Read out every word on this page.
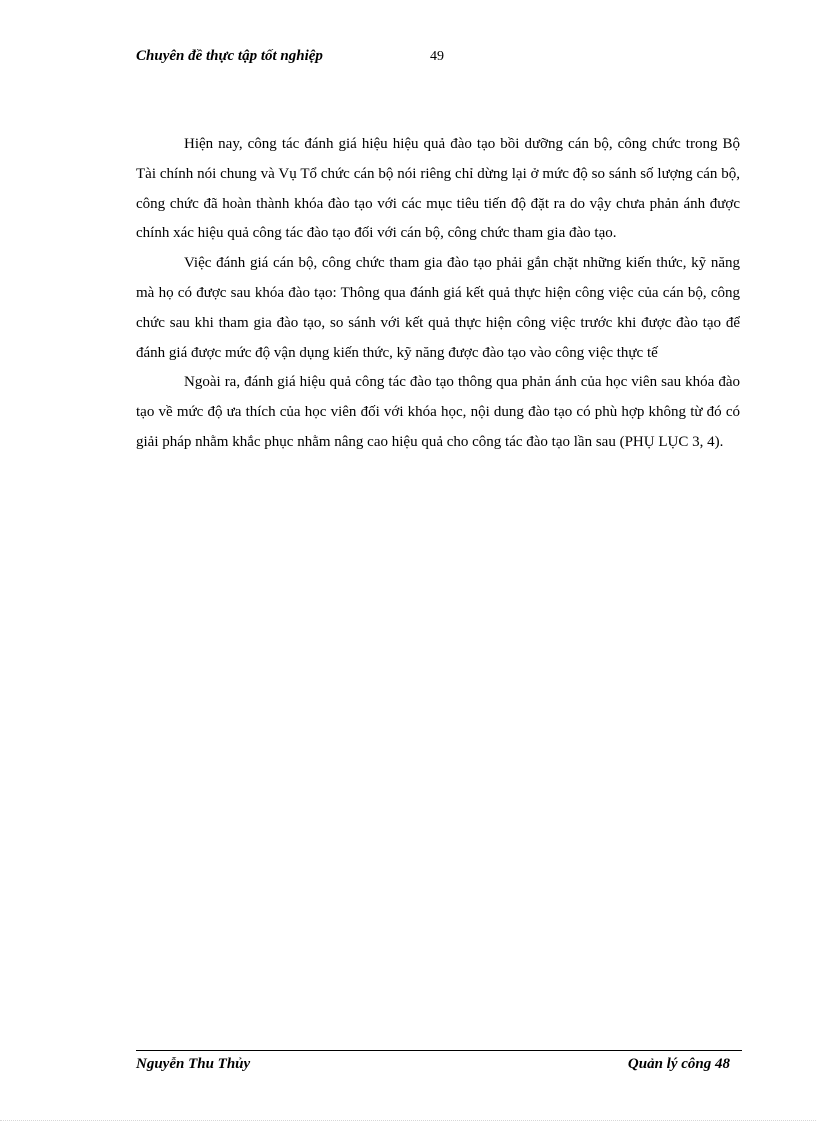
Chuyên đề thực tập tốt nghiệp	49

Hiện nay, công tác đánh giá hiệu hiệu quả đào tạo bồi dưỡng cán bộ, công chức trong Bộ Tài chính nói chung và Vụ Tổ chức cán bộ nói riêng chỉ dừng lại ở mức độ so sánh số lượng cán bộ, công chức đã hoàn thành khóa đào tạo với các mục tiêu tiến độ đặt ra do vậy chưa phản ánh được chính xác hiệu quả công tác đào tạo đối với cán bộ, công chức tham gia đào tạo.

Việc đánh giá cán bộ, công chức tham gia đào tạo phải gắn chặt những kiến thức, kỹ năng mà họ có được sau khóa đào tạo: Thông qua đánh giá kết quả thực hiện công việc của cán bộ, công chức sau khi tham gia đào tạo, so sánh với kết quả thực hiện công việc trước khi được đào tạo để đánh giá được mức độ vận dụng kiến thức, kỹ năng được đào tạo vào công việc thực tế

Ngoài ra, đánh giá hiệu quả công tác đào tạo thông qua phản ánh của học viên sau khóa đào tạo về mức độ ưa thích của học viên đối với khóa học, nội dung đào tạo có phù hợp không từ đó có giải pháp nhằm khắc phục nhằm nâng cao hiệu quả cho công tác đào tạo lần sau (PHỤ LỤC 3, 4).

Nguyễn Thu Thủy	Quản lý công 48
